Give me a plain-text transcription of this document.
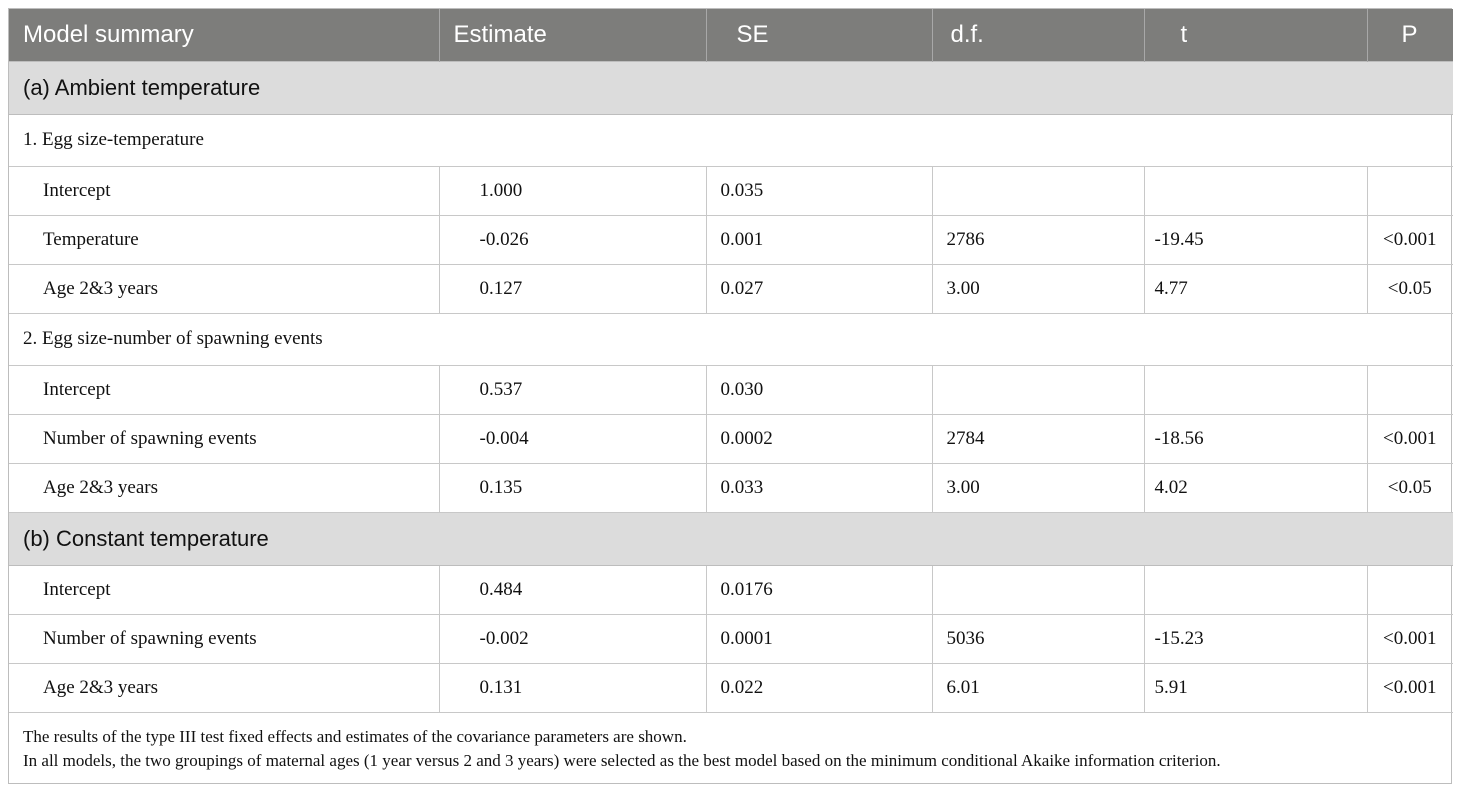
Model summary	Estimate	SE	d.f.	t	P
(a) Ambient temperature					
1. Egg size-temperature					
Intercept	1.000	0.035			
Temperature	-0.026	0.001	2786	-19.45	<0.001
Age 2&3 years	0.127	0.027	3.00	4.77	<0.05
2. Egg size-number of spawning events					
Intercept	0.537	0.030			
Number of spawning events	-0.004	0.0002	2784	-18.56	<0.001
Age 2&3 years	0.135	0.033	3.00	4.02	<0.05
(b) Constant temperature					
Intercept	0.484	0.0176			
Number of spawning events	-0.002	0.0001	5036	-15.23	<0.001
Age 2&3 years	0.131	0.022	6.01	5.91	<0.001

The results of the type III test fixed effects and estimates of the covariance parameters are shown.
In all models, the two groupings of maternal ages (1 year versus 2 and 3 years) were selected as the best model based on the minimum conditional Akaike information criterion.					
